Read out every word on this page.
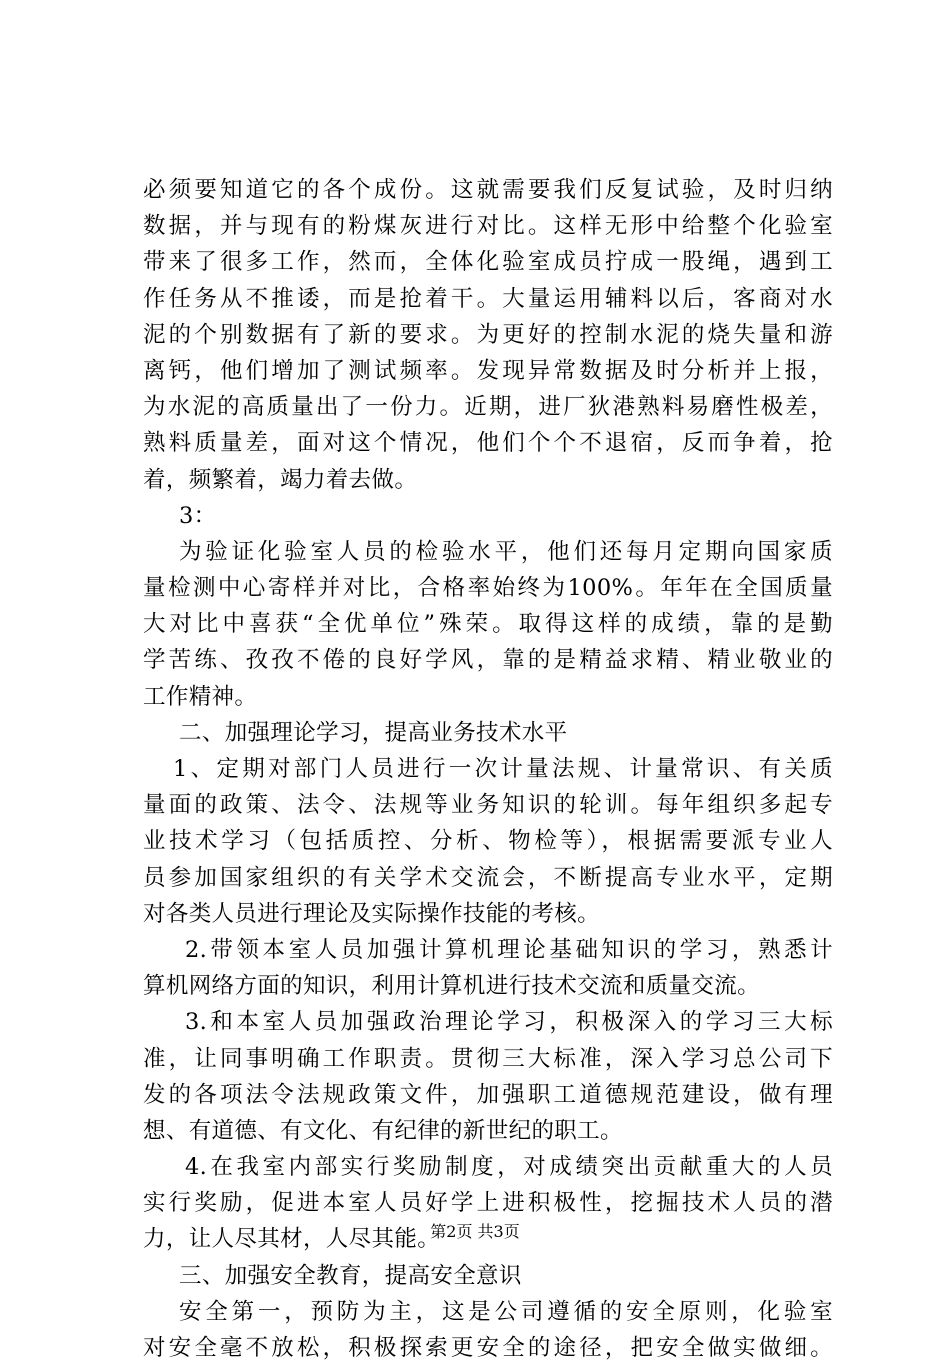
必须要知道它的各个成份。这就需要我们反复试验，及时归纳
数据，并与现有的粉煤灰进行对比。这样无形中给整个化验室
带来了很多工作，然而，全体化验室成员拧成一股绳，遇到工
作任务从不推诿，而是抢着干。大量运用辅料以后，客商对水
泥的个别数据有了新的要求。为更好的控制水泥的烧失量和游
离钙，他们增加了测试频率。发现异常数据及时分析并上报，
为水泥的高质量出了一份力。近期，进厂狄港熟料易磨性极差，
熟料质量差，面对这个情况，他们个个不退宿，反而争着，抢
着，频繁着，竭力着去做。
3：
为验证化验室人员的检验水平，他们还每月定期向国家质
量检测中心寄样并对比，合格率始终为100%。年年在全国质量
大对比中喜获“全优单位”殊荣。取得这样的成绩，靠的是勤
学苦练、孜孜不倦的良好学风，靠的是精益求精、精业敬业的
工作精神。
二、加强理论学习，提高业务技术水平
1、定期对部门人员进行一次计量法规、计量常识、有关质
量面的政策、法令、法规等业务知识的轮训。每年组织多起专
业技术学习（包括质控、分析、物检等），根据需要派专业人
员参加国家组织的有关学术交流会，不断提高专业水平，定期
对各类人员进行理论及实际操作技能的考核。
2.带领本室人员加强计算机理论基础知识的学习，熟悉计
算机网络方面的知识，利用计算机进行技术交流和质量交流。
3.和本室人员加强政治理论学习，积极深入的学习三大标
准，让同事明确工作职责。贯彻三大标准，深入学习总公司下
发的各项法令法规政策文件，加强职工道德规范建设，做有理
想、有道德、有文化、有纪律的新世纪的职工。
4.在我室内部实行奖励制度，对成绩突出贡献重大的人员
实行奖励，促进本室人员好学上进积极性，挖掘技术人员的潜
力，让人尽其材，人尽其能。
三、加强安全教育，提高安全意识
安全第一，预防为主，这是公司遵循的安全原则，化验室
对安全毫不放松，积极探索更安全的途径，把安全做实做细。
第2页 共3页
